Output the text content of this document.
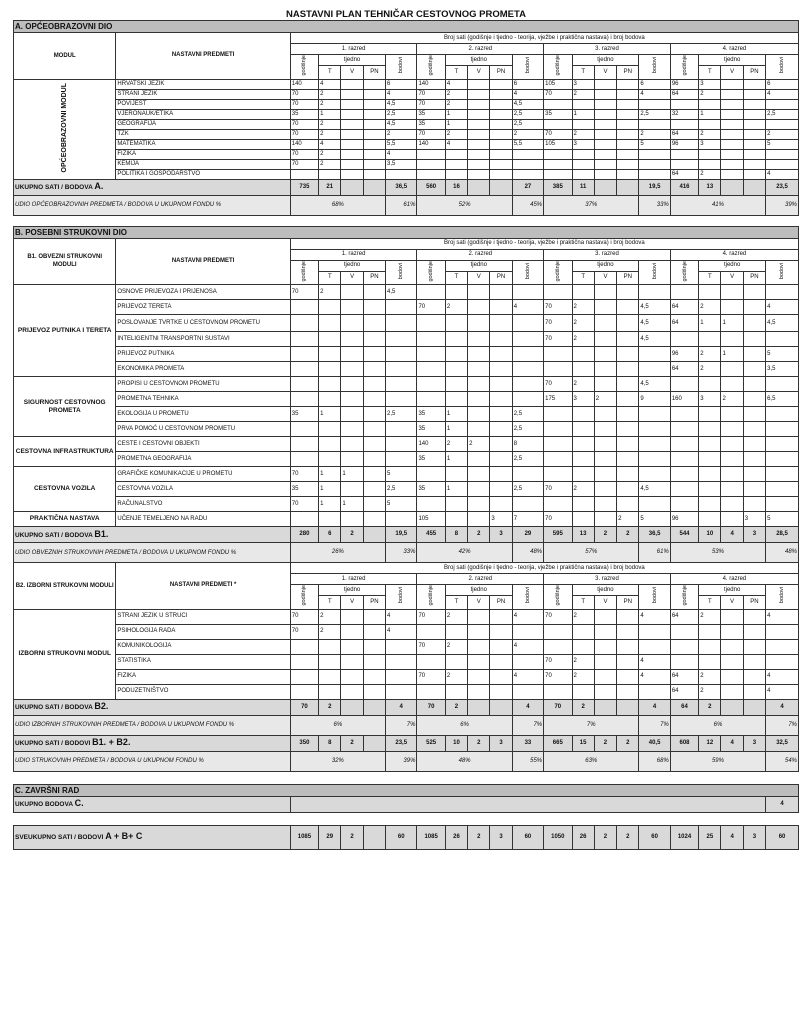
NASTAVNI PLAN TEHNIČAR CESTOVNOG PROMETA																					
A. OPĆEOBRAZOVNI DIO																					
MODUL	NASTAVNI PREDMETI	Broj sati (godišnje i tjedno - teorija, vježbe i praktična nastava) i broj bodova																			
		1. razred					2. razred					3. razred					4. razred				
		godišnje	tjedno			bodovi	godišnje	tjedno			bodovi	godišnje	tjedno			bodovi	godišnje	tjedno			bodovi
			T	V	PN			T	V	PN			T	V	PN			T	V	PN	
OPĆEOBRAZOVNI MODUL	HRVATSKI JEZIK	140	4			6	140	4			6	105	3			6	96	3			6
	STRANI JEZIK	70	2			4	70	2			4	70	2			4	64	2			4
	POVIJEST	70	2			4,5	70	2			4,5										
	VJERONAUK/ETIKA	35	1			2,5	35	1			2,5	35	1			2,5	32	1			2,5
	GEOGRAFIJA	70	2			4,5	35	1			2,5										
	TZK	70	2			2	70	2			2	70	2			2	64	2			2
	MATEMATIKA	140	4			5,5	140	4			5,5	105	3			5	96	3			5
	FIZIKA	70	2			4															
	KEMIJA	70	2			3,5															
	POLITIKA I GOSPODARSTVO																64	2			4
UKUPNO SATI / BODOVA A.		735	21			36,5	560	16			27	385	11			19,5	416	13			23,5
UDIO OPĆEOBRAZOVNIH PREDMETA / BODOVA U UKUPNOM FONDU %		68%				61%	52%				45%	37%				33%	41%				39%

B. POSEBNI STRUKOVNI DIO																					
B1. OBVEZNI STRUKOVNI MODULI	NASTAVNI PREDMETI	Broj sati (godišnje i tjedno - teorija, vježbe i praktična nastava) i broj bodova																			
		1. razred					2. razred					3. razred					4. razred				
		godišnje	tjedno			bodovi	godišnje	tjedno			bodovi	godišnje	tjedno			bodovi	godišnje	tjedno			bodovi
			T	V	PN			T	V	PN			T	V	PN			T	V	PN	
PRIJEVOZ PUTNIKA I TERETA	OSNOVE PRIJEVOZA I PRIJENOSA	70	2			4,5															
	PRIJEVOZ TERETA						70	2			4	70	2			4,5	64	2			4
	POSLOVANJE TVRTKE U CESTOVNOM PROMETU											70	2			4,5	64	1	1		4,5
	INTELIGENTNI TRANSPORTNI SUSTAVI											70	2			4,5					
	PRIJEVOZ PUTNIKA																96	2	1		5
	EKONOMIKA PROMETA																64	2			3,5
SIGURNOST CESTOVNOG PROMETA	PROPISI U CESTOVNOM PROMETU											70	2			4,5					
	PROMETNA TEHNIKA											175	3	2		9	160	3	2		6,5
	EKOLOGIJA U PROMETU	35	1			2,5	35	1			2,5										
	PRVA POMOĆ U CESTOVNOM PROMETU						35	1			2,5										
CESTOVNA INFRASTRUKTURA	CESTE I CESTOVNI OBJEKTI						140	2	2		8										
	PROMETNA GEOGRAFIJA						35	1			2,5										
CESTOVNA VOZILA	GRAFIČKE KOMUNIKACIJE U PROMETU	70	1	1		5															
	CESTOVNA VOZILA	35	1			2,5	35	1			2,5	70	2			4,5					
	RAČUNALSTVO	70	1	1		5															
PRAKTIČNA NASTAVA	UČENJE TEMELJENO NA RADU						105			3	7	70			2	5	96			3	5
UKUPNO SATI / BODOVA B1.		280	6	2		19,5	455	8	2	3	29	595	13	2	2	36,5	544	10	4	3	28,5
UDIO OBVEZNIH STRUKOVNIH PREDMETA / BODOVA U UKUPNOM FONDU %		26%				33%	42%				48%	57%				61%	53%				48%
B2. IZBORNI STRUKOVNI MODULI	NASTAVNI PREDMETI *	Broj sati (godišnje i tjedno - teorija, vježbe i praktična nastava) i broj bodova																			
		1. razred					2. razred					3. razred					4. razred				
		godišnje	tjedno			bodovi	godišnje	tjedno			bodovi	godišnje	tjedno			bodovi	godišnje	tjedno			bodovi
			T	V	PN			T	V	PN			T	V	PN			T	V	PN	
IZBORNI STRUKOVNI MODUL	STRANI JEZIK U STRUCI	70	2			4	70	2			4	70	2			4	64	2			4
	PSIHOLOGIJA RADA	70	2			4															
	KOMUNIKOLOGIJA						70	2			4										
	STATISTIKA											70	2			4					
	FIZIKA						70	2			4	70	2			4	64	2			4
	PODUZETNIŠTVO																64	2			4
UKUPNO SATI / BODOVA B2.		70	2			4	70	2			4	70	2			4	64	2			4
UDIO IZBORNIH STRUKOVNIH PREDMETA / BODOVA U UKUPNOM FONDU %		6%				7%	6%				7%	7%				7%	6%				7%
UKUPNO SATI / BODOVI B1. + B2.		350	8	2		23,5	525	10	2	3	33	665	15	2	2	40,5	608	12	4	3	32,5
UDIO STRUKOVNIH PREDMETA / BODOVA U UKUPNOM FONDU %		32%				39%	48%				55%	63%				68%	59%				54%

C. ZAVRŠNI RAD																					
UKUPNO BODOVA C.																					4

SVEUKUPNO SATI / BODOVI A + B+ C		1085	29	2		60	1085	26	2	3	60	1050	26	2	2	60	1024	25	4	3	60
